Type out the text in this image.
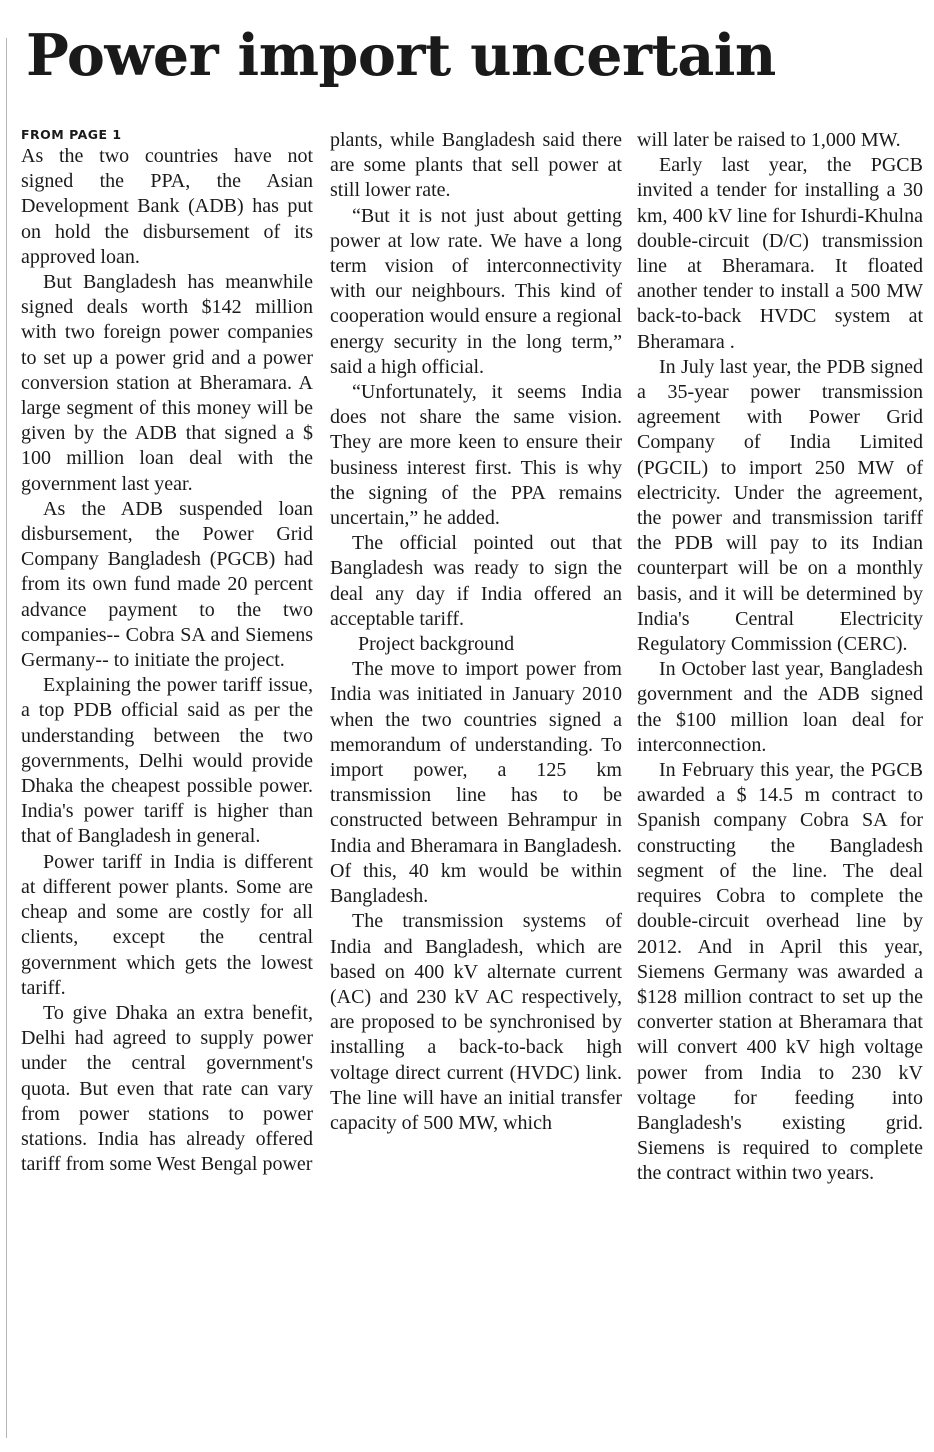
Power import uncertain
FROM PAGE 1

As the two countries have not signed the PPA, the Asian Development Bank (ADB) has put on hold the disbursement of its approved loan.

But Bangladesh has meanwhile signed deals worth $142 million with two foreign power companies to set up a power grid and a power conversion station at Bheramara. A large segment of this money will be given by the ADB that signed a $ 100 million loan deal with the government last year.

As the ADB suspended loan disbursement, the Power Grid Company Bangladesh (PGCB) had from its own fund made 20 percent advance payment to the two companies-- Cobra SA and Siemens Germany-- to initiate the project.

Explaining the power tariff issue, a top PDB official said as per the understanding between the two governments, Delhi would provide Dhaka the cheapest possible power. India's power tariff is higher than that of Bangladesh in general.

Power tariff in India is different at different power plants. Some are cheap and some are costly for all clients, except the central government which gets the lowest tariff.

To give Dhaka an extra benefit, Delhi had agreed to supply power under the central government's quota. But even that rate can vary from power stations to power stations. India has already offered tariff from some West Bengal power

plants, while Bangladesh said there are some plants that sell power at still lower rate.

“But it is not just about getting power at low rate. We have a long term vision of interconnectivity with our neighbours. This kind of cooperation would ensure a regional energy security in the long term,” said a high official.

“Unfortunately, it seems India does not share the same vision. They are more keen to ensure their business interest first. This is why the signing of the PPA remains uncertain,” he added.

The official pointed out that Bangladesh was ready to sign the deal any day if India offered an acceptable tariff.

Project background

The move to import power from India was initiated in January 2010 when the two countries signed a memorandum of understanding. To import power, a 125 km transmission line has to be constructed between Behrampur in India and Bheramara in Bangladesh. Of this, 40 km would be within Bangladesh.

The transmission systems of India and Bangladesh, which are based on 400 kV alternate current (AC) and 230 kV AC respectively, are proposed to be synchronised by installing a back-to-back high voltage direct current (HVDC) link. The line will have an initial transfer capacity of 500 MW, which

will later be raised to 1,000 MW.

Early last year, the PGCB invited a tender for installing a 30 km, 400 kV line for Ishurdi-Khulna double-circuit (D/C) transmission line at Bheramara. It floated another tender to install a 500 MW back-to-back HVDC system at Bheramara .

In July last year, the PDB signed a 35-year power transmission agreement with Power Grid Company of India Limited (PGCIL) to import 250 MW of electricity. Under the agreement, the power and transmission tariff the PDB will pay to its Indian counterpart will be on a monthly basis, and it will be determined by India's Central Electricity Regulatory Commission (CERC).

In October last year, Bangladesh government and the ADB signed the $100 million loan deal for interconnection.

In February this year, the PGCB awarded a $ 14.5 m contract to Spanish company Cobra SA for constructing the Bangladesh segment of the line. The deal requires Cobra to complete the double-circuit overhead line by 2012. And in April this year, Siemens Germany was awarded a $128 million contract to set up the converter station at Bheramara that will convert 400 kV high voltage power from India to 230 kV voltage for feeding into Bangladesh's existing grid. Siemens is required to complete the contract within two years.
